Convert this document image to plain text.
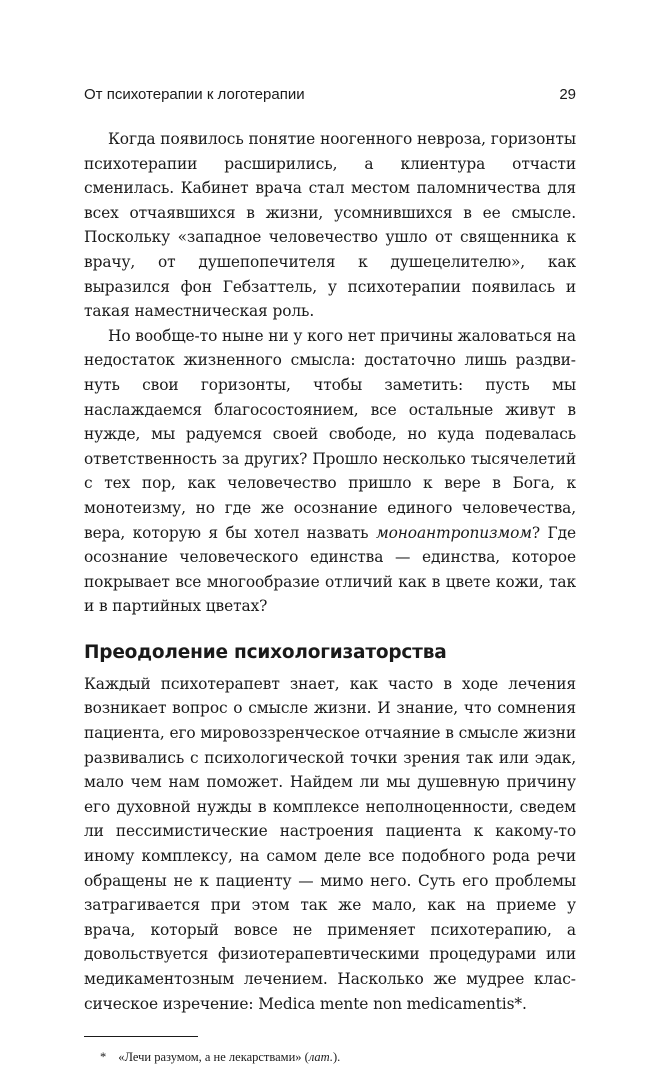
От психотерапии к логотерапии	29

Когда появилось понятие ноогенного невроза, горизонты психотерапии расширились, а клиентура отчасти сменилась. Кабинет врача стал местом паломничества для всех отчаявшихся в жизни, усомнившихся в ее смысле. Поскольку «западное человечество ушло от священника к врачу, от душепопечителя к душецелителю», как выразился фон Гебзаттель, у психотерапии появилась и такая наместническая роль.

Но вообще-то ныне ни у кого нет причины жаловаться на недостаток жизненного смысла: достаточно лишь раздвинуть свои горизонты, чтобы заметить: пусть мы наслаждаемся благосостоянием, все остальные живут в нужде, мы радуемся своей свободе, но куда подевалась ответственность за других? Прошло несколько тысячелетий с тех пор, как человечество пришло к вере в Бога, к монотеизму, но где же осознание единого человечества, вера, которую я бы хотел назвать моноантропизмом? Где осознание человеческого единства — единства, которое покрывает все многообразие отличий как в цвете кожи, так и в партийных цветах?

Преодоление психологизаторства

Каждый психотерапевт знает, как часто в ходе лечения возникает вопрос о смысле жизни. И знание, что сомнения пациента, его мировоззренческое отчаяние в смысле жизни развивались с психологической точки зрения так или эдак, мало чем нам поможет. Найдем ли мы душевную причину его духовной нужды в комплексе неполноценности, сведем ли пессимистические настроения пациента к какому-то иному комплексу, на самом деле все подобного рода речи обращены не к пациенту — мимо него. Суть его проблемы затрагивается при этом так же мало, как на приеме у врача, который вовсе не применяет психотерапию, а довольствуется физиотерапевтическими процедурами или медикаментозным лечением. Насколько же мудрее классическое изречение: Medica mente non medicamentis*.

* «Лечи разумом, а не лекарствами» (лат.).
